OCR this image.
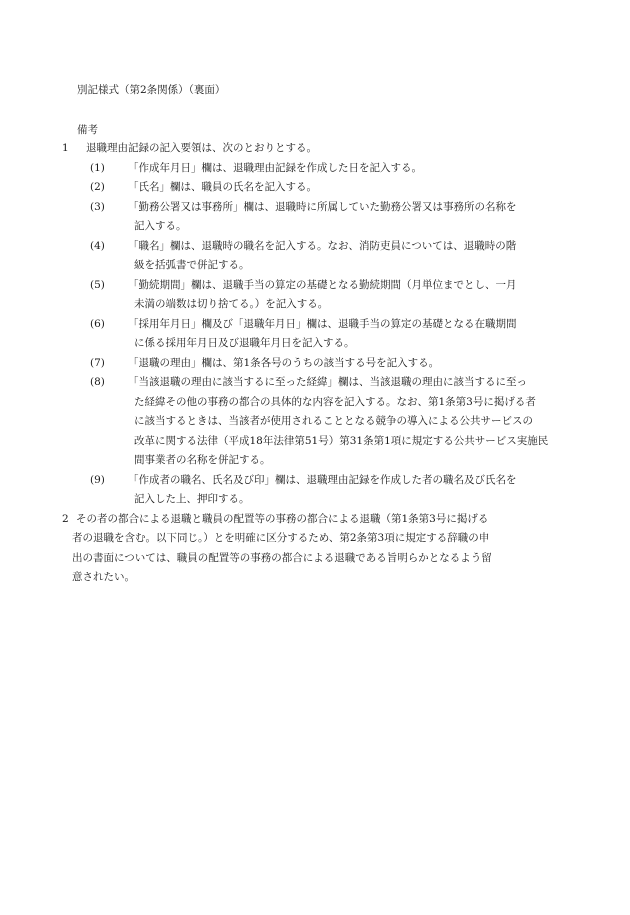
別記様式（第2条関係）（裏面）
備考
1 退職理由記録の記入要領は、次のとおりとする。
(1)	「作成年月日」欄は、退職理由記録を作成した日を記入する。
(2)	「氏名」欄は、職員の氏名を記入する。
(3)	「勤務公署又は事務所」欄は、退職時に所属していた勤務公署又は事務所の名称を
記入する。
(4)	「職名」欄は、退職時の職名を記入する。なお、消防吏員については、退職時の階
級を括弧書で併記する。
(5)	「勤続期間」欄は、退職手当の算定の基礎となる勤続期間（月単位までとし、一月
未満の端数は切り捨てる。）を記入する。
(6)	「採用年月日」欄及び「退職年月日」欄は、退職手当の算定の基礎となる在職期間
に係る採用年月日及び退職年月日を記入する。
(7)	「退職の理由」欄は、第1条各号のうちの該当する号を記入する。
(8)	「当該退職の理由に該当するに至った経緯」欄は、当該退職の理由に該当するに至っ
た経緯その他の事務の都合の具体的な内容を記入する。なお、第1条第3号に掲げる者
に該当するときは、当該者が使用されることとなる競争の導入による公共サービスの
改革に関する法律（平成18年法律第51号）第31条第1項に規定する公共サービス実施民
間事業者の名称を併記する。
(9)	「作成者の職名、氏名及び印」欄は、退職理由記録を作成した者の職名及び氏名を
記入した上、押印する。
2 その者の都合による退職と職員の配置等の事務の都合による退職（第1条第3号に掲げる
者の退職を含む。以下同じ。）とを明確に区分するため、第2条第3項に規定する辞職の申
出の書面については、職員の配置等の事務の都合による退職である旨明らかとなるよう留
意されたい。
